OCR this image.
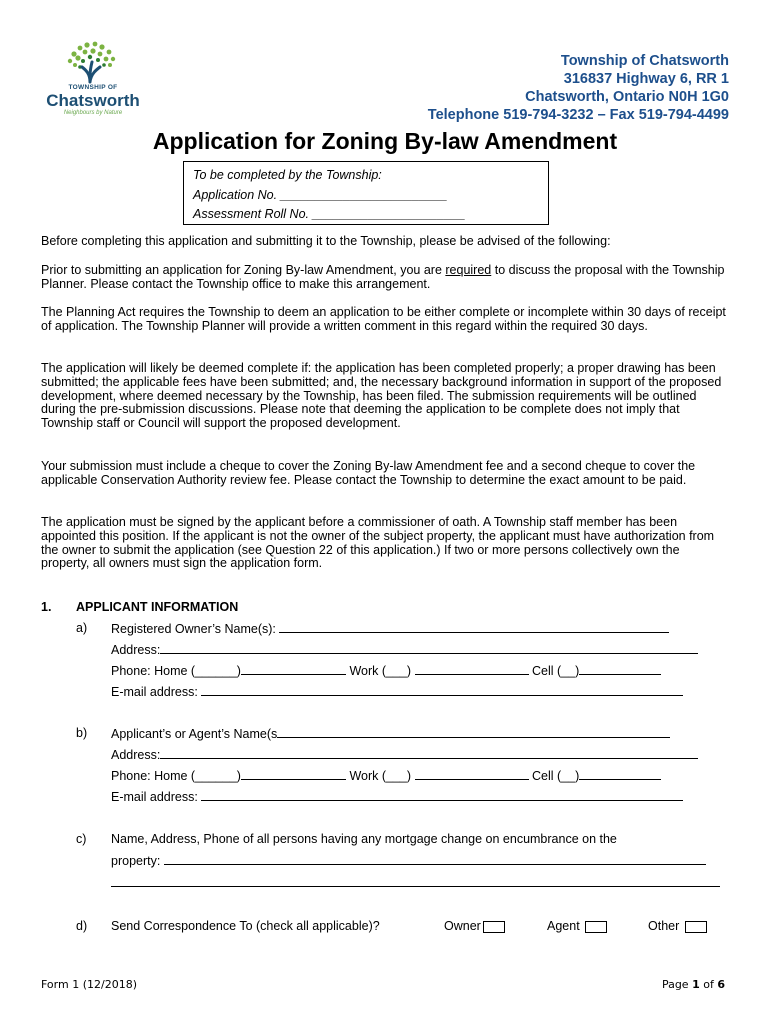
TOWNSHIP OF
Chatsworth
Neighbours by Nature
Township of Chatsworth
316837 Highway 6, RR 1
Chatsworth, Ontario N0H 1G0
Telephone 519-794-3232 – Fax 519-794-4499
Application for Zoning By-law Amendment
To be completed by the Township:
Application No. ________________________
Assessment Roll No. ______________________
Before completing this application and submitting it to the Township, please be advised of the following:
Prior to submitting an application for Zoning By-law Amendment, you are required to discuss the proposal with the Township Planner. Please contact the Township office to make this arrangement.
The Planning Act requires the Township to deem an application to be either complete or incomplete within 30 days of receipt of application. The Township Planner will provide a written comment in this regard within the required 30 days.
The application will likely be deemed complete if: the application has been completed properly; a proper drawing has been submitted; the applicable fees have been submitted; and, the necessary background information in support of the proposed development, where deemed necessary by the Township, has been filed. The submission requirements will be outlined during the pre-submission discussions. Please note that deeming the application to be complete does not imply that Township staff or Council will support the proposed development.
Your submission must include a cheque to cover the Zoning By-law Amendment fee and a second cheque to cover the applicable Conservation Authority review fee. Please contact the Township to determine the exact amount to be paid.
The application must be signed by the applicant before a commissioner of oath. A Township staff member has been appointed this position. If the applicant is not the owner of the subject property, the applicant must have authorization from the owner to submit the application (see Question 22 of this application.) If two or more persons collectively own the property, all owners must sign the application form.
1. APPLICANT INFORMATION
a) Registered Owner’s Name(s):
Address:
Phone: Home (______)	Work (___)	Cell (__)
E-mail address:
b) Applicant’s or Agent’s Name(s
Address:
Phone: Home (______)	Work (___)	Cell (__)
E-mail address:
c) Name, Address, Phone of all persons having any mortgage change on encumbrance on the
property:
d) Send Correspondence To (check all applicable)?	Owner	Agent	Other
Form 1 (12/2018)	Page 1 of 6
